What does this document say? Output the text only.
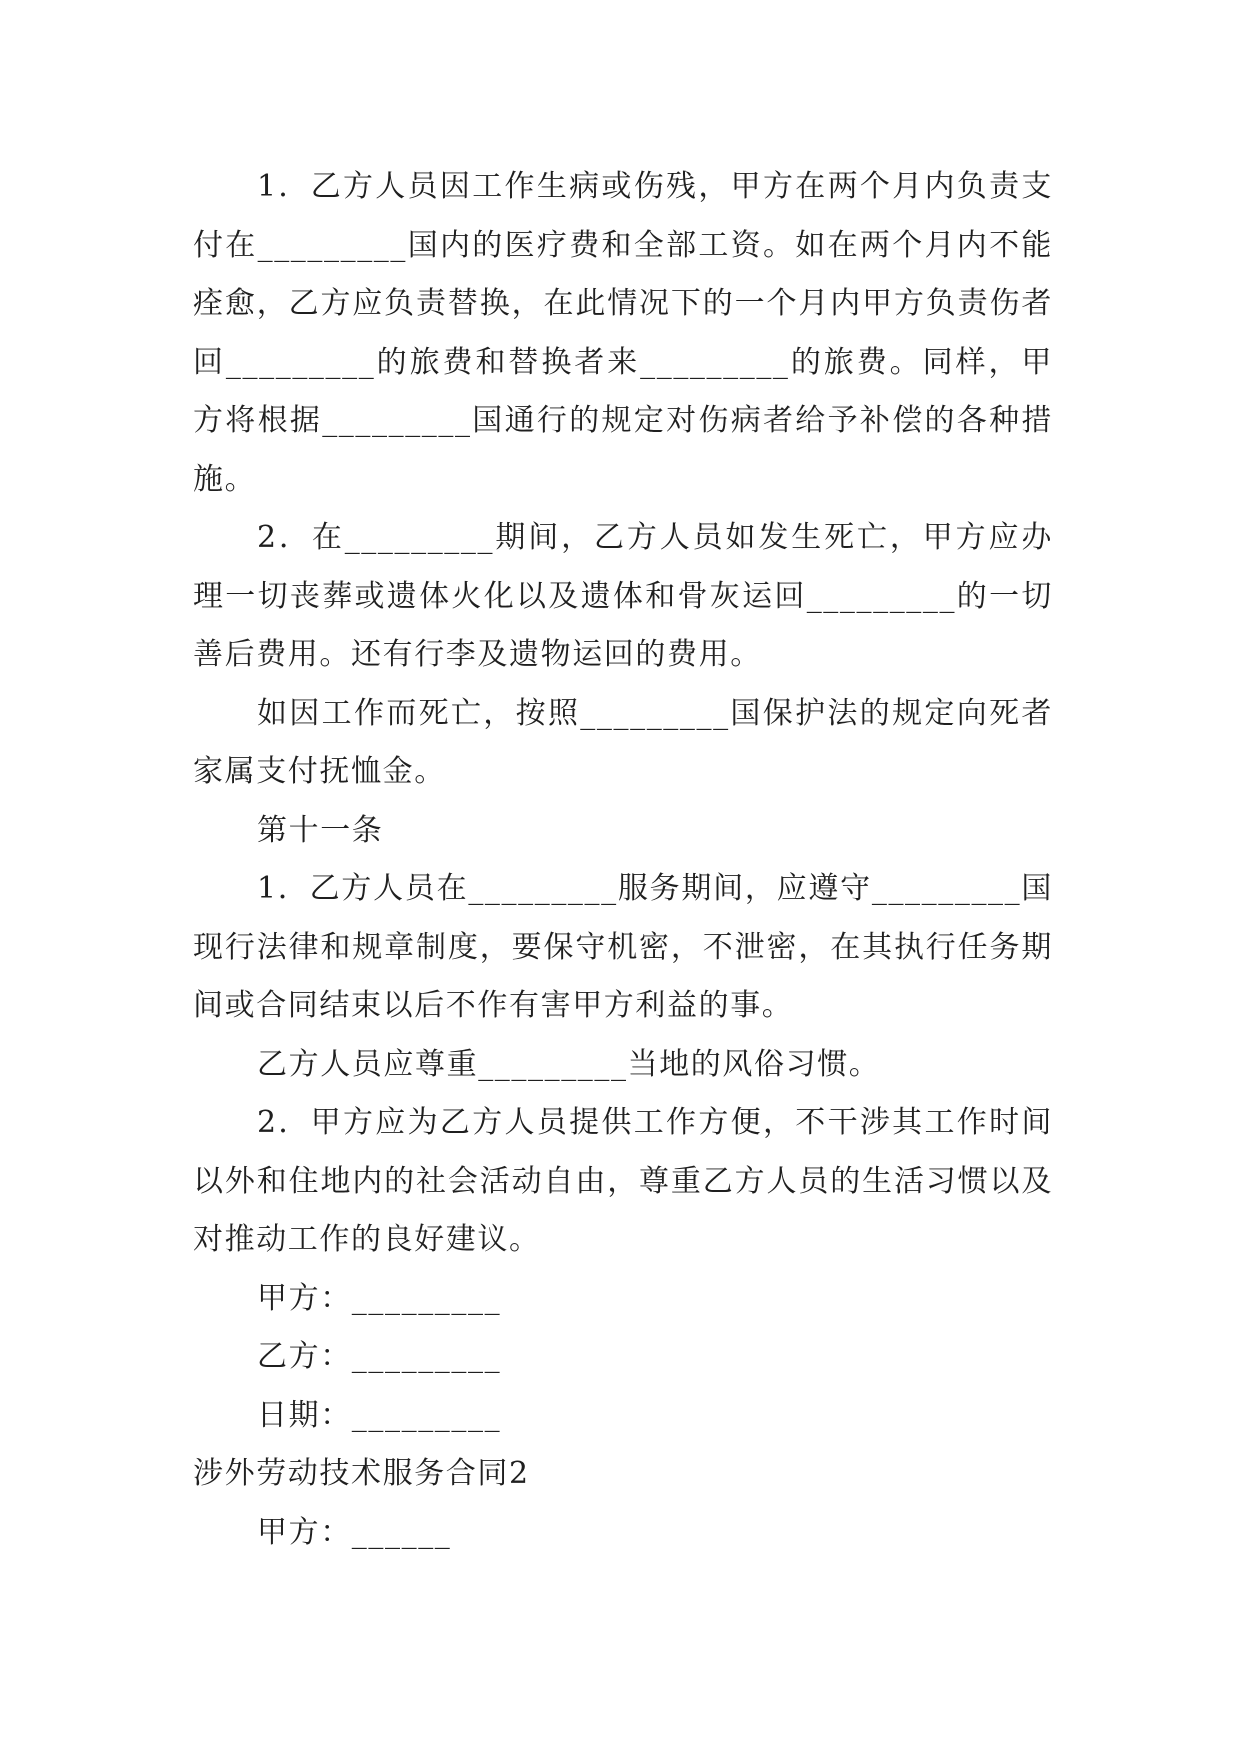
1．乙方人员因工作生病或伤残，甲方在两个月内负责支付在_________国内的医疗费和全部工资。如在两个月内不能痊愈，乙方应负责替换，在此情况下的一个月内甲方负责伤者回_________的旅费和替换者来_________的旅费。同样，甲方将根据_________国通行的规定对伤病者给予补偿的各种措施。

2．在_________期间，乙方人员如发生死亡，甲方应办理一切丧葬或遗体火化以及遗体和骨灰运回_________的一切善后费用。还有行李及遗物运回的费用。

如因工作而死亡，按照_________国保护法的规定向死者家属支付抚恤金。

第十一条

1．乙方人员在_________服务期间，应遵守_________国现行法律和规章制度，要保守机密，不泄密，在其执行任务期间或合同结束以后不作有害甲方利益的事。

乙方人员应尊重_________当地的风俗习惯。

2．甲方应为乙方人员提供工作方便，不干涉其工作时间以外和住地内的社会活动自由，尊重乙方人员的生活习惯以及对推动工作的良好建议。

甲方：_________

乙方：_________

日期：_________

涉外劳动技术服务合同2

甲方：______
